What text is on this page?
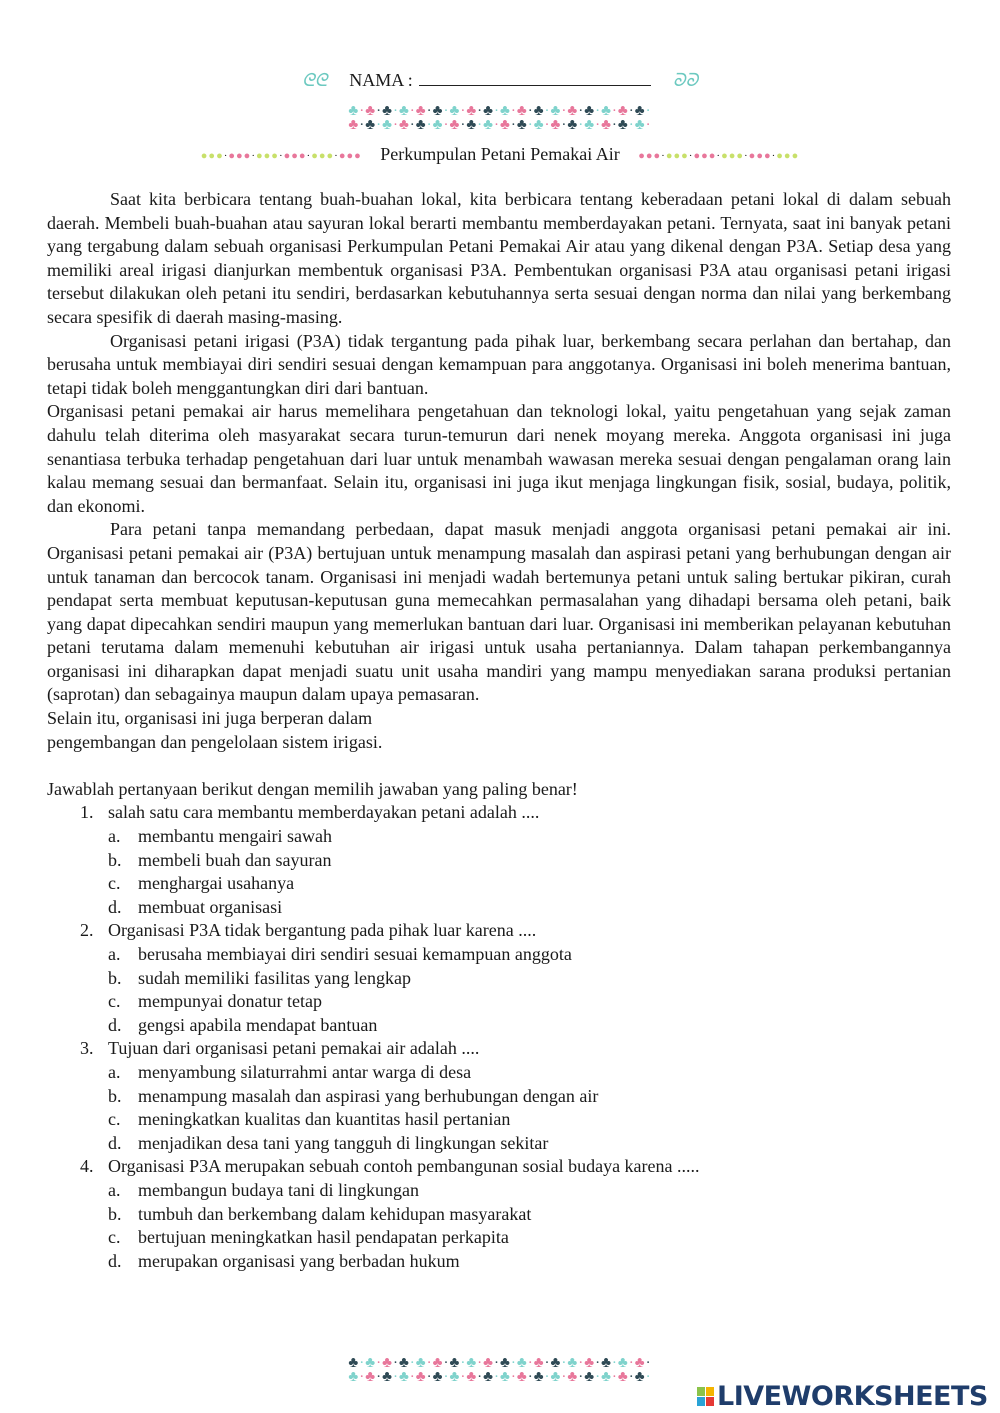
ᘓᘓ NAMA :	ᘐᘐ
♣·♣·♣·♣·♣·♣·♣·♣·♣·♣·♣·♣·♣·♣·♣·♣·♣·♣·
♣·♣·♣·♣·♣·♣·♣·♣·♣·♣·♣·♣·♣·♣·♣·♣·♣·♣·
●●●·●●●·●●●·●●●·●●●·●●● Perkumpulan Petani Pemakai Air ●●●·●●●·●●●·●●●·●●●·●●●

Saat kita berbicara tentang buah-buahan lokal, kita berbicara tentang keberadaan petani lokal di dalam sebuah daerah. Membeli buah-buahan atau sayuran lokal berarti membantu memberdayakan petani. Ternyata, saat ini banyak petani yang tergabung dalam sebuah organisasi Perkumpulan Petani Pemakai Air atau yang dikenal dengan P3A. Setiap desa yang memiliki areal irigasi dianjurkan membentuk organisasi P3A. Pembentukan organisasi P3A atau organisasi petani irigasi tersebut dilakukan oleh petani itu sendiri, berdasarkan kebutuhannya serta sesuai dengan norma dan nilai yang berkembang secara spesifik di daerah masing-masing.

Organisasi petani irigasi (P3A) tidak tergantung pada pihak luar, berkembang secara perlahan dan bertahap, dan berusaha untuk membiayai diri sendiri sesuai dengan kemampuan para anggotanya. Organisasi ini boleh menerima bantuan, tetapi tidak boleh menggantungkan diri dari bantuan.

Organisasi petani pemakai air harus memelihara pengetahuan dan teknologi lokal, yaitu pengetahuan yang sejak zaman dahulu telah diterima oleh masyarakat secara turun-temurun dari nenek moyang mereka. Anggota organisasi ini juga senantiasa terbuka terhadap pengetahuan dari luar untuk menambah wawasan mereka sesuai dengan pengalaman orang lain kalau memang sesuai dan bermanfaat. Selain itu, organisasi ini juga ikut menjaga lingkungan fisik, sosial, budaya, politik, dan ekonomi.

Para petani tanpa memandang perbedaan, dapat masuk menjadi anggota organisasi petani pemakai air ini. Organisasi petani pemakai air (P3A) bertujuan untuk menampung masalah dan aspirasi petani yang berhubungan dengan air untuk tanaman dan bercocok tanam. Organisasi ini menjadi wadah bertemunya petani untuk saling bertukar pikiran, curah pendapat serta membuat keputusan-keputusan guna memecahkan permasalahan yang dihadapi bersama oleh petani, baik yang dapat dipecahkan sendiri maupun yang memerlukan bantuan dari luar. Organisasi ini memberikan pelayanan kebutuhan petani terutama dalam memenuhi kebutuhan air irigasi untuk usaha pertaniannya. Dalam tahapan perkembangannya organisasi ini diharapkan dapat menjadi suatu unit usaha mandiri yang mampu menyediakan sarana produksi pertanian (saprotan) dan sebagainya maupun dalam upaya pemasaran.

Selain itu, organisasi ini juga berperan dalam

pengembangan dan pengelolaan sistem irigasi.

Jawablah pertanyaan berikut dengan memilih jawaban yang paling benar!

1. salah satu cara membantu memberdayakan petani adalah ....
a. membantu mengairi sawah
b. membeli buah dan sayuran
c. menghargai usahanya
d. membuat organisasi
2. Organisasi P3A tidak bergantung pada pihak luar karena ....
a. berusaha membiayai diri sendiri sesuai kemampuan anggota
b. sudah memiliki fasilitas yang lengkap
c. mempunyai donatur tetap
d. gengsi apabila mendapat bantuan
3. Tujuan dari organisasi petani pemakai air adalah ....
a. menyambung silaturrahmi antar warga di desa
b. menampung masalah dan aspirasi yang berhubungan dengan air
c. meningkatkan kualitas dan kuantitas hasil pertanian
d. menjadikan desa tani yang tangguh di lingkungan sekitar
4. Organisasi P3A merupakan sebuah contoh pembangunan sosial budaya karena .....
a. membangun budaya tani di lingkungan
b. tumbuh dan berkembang dalam kehidupan masyarakat
c. bertujuan meningkatkan hasil pendapatan perkapita
d. merupakan organisasi yang berbadan hukum
♣·♣·♣·♣·♣·♣·♣·♣·♣·♣·♣·♣·♣·♣·♣·♣·♣·♣·
♣·♣·♣·♣·♣·♣·♣·♣·♣·♣·♣·♣·♣·♣·♣·♣·♣·♣·
LIVEWORKSHEETS
